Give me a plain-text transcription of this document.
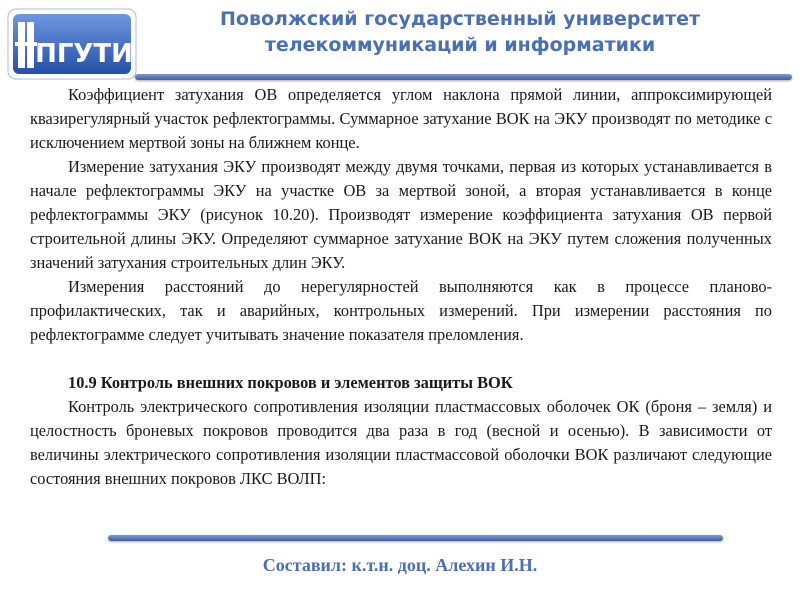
ПГУТИ
Поволжский государственный университет
телекоммуникаций и информатики

Коэффициент затухания ОВ определяется углом наклона прямой линии, аппроксимирующей квазирегулярный участок рефлектограммы. Суммарное затухание ВОК на ЭКУ производят по методике с исключением мертвой зоны на ближнем конце.

Измерение затухания ЭКУ производят между двумя точками, первая из которых устанавливается в начале рефлектограммы ЭКУ на участке ОВ за мертвой зоной, а вторая устанавливается в конце рефлектограммы ЭКУ (рисунок 10.20). Производят измерение коэффициента затухания ОВ первой строительной длины ЭКУ. Определяют суммарное затухание ВОК на ЭКУ путем сложения полученных значений затухания строительных длин ЭКУ.

Измерения расстояний до нерегулярностей выполняются как в процессе планово-профилактических, так и аварийных, контрольных измерений. При измерении расстояния по рефлектограмме следует учитывать значение показателя преломления.

10.9 Контроль внешних покровов и элементов защиты ВОК

Контроль электрического сопротивления изоляции пластмассовых оболочек ОК (броня – земля) и целостность броневых покровов проводится два раза в год (весной и осенью). В зависимости от величины электрического сопротивления изоляции пластмассовой оболочки ВОК различают следующие состояния внешних покровов ЛКС ВОЛП:

Составил: к.т.н. доц. Алехин И.Н.
